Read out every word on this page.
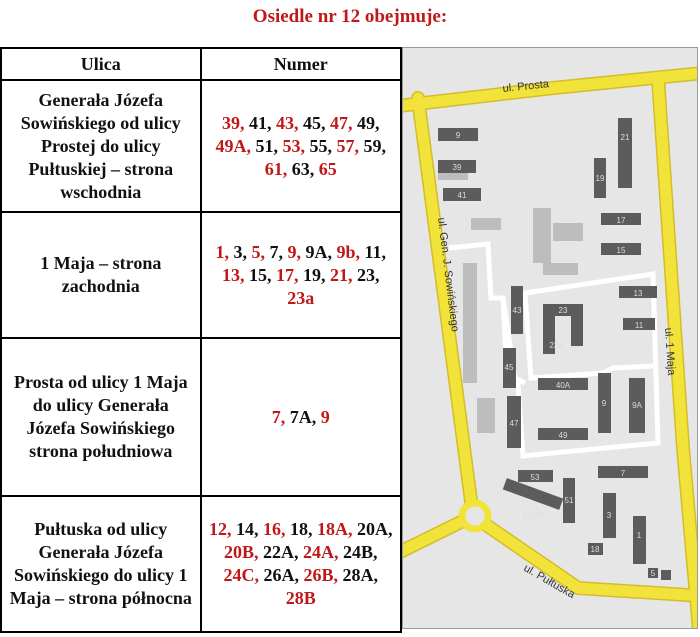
Osiedle nr 12 obejmuje:
Ulica	Numer
Generała Józefa Sowińskiego od ulicy Prostej do ulicy Pułtuskiej – strona wschodnia	39, 41, 43, 45, 47, 49, 49A, 51, 53, 55, 57, 59, 61, 63, 65
1 Maja – strona zachodnia	1, 3, 5, 7, 9, 9A, 9b, 11, 13, 15, 17, 19, 21, 23, 23a
Prosta od ulicy 1 Maja do ulicy Generała Józefa Sowińskiego strona południowa	7, 7A, 9
Pułtuska od ulicy Generała Józefa Sowińskiego do ulicy 1 Maja – strona północna	12, 14, 16, 18, 18A, 20A, 20B, 22A, 24A, 24B, 24C, 26A, 26B, 28A, 28B
9
39
41
21
19
17
15
13
11
43	23
23a
45
40A
9	9A
47
49
53	7
51
3
20-28
1
18
5
ul. Prosta
ul. Gen. J. Sowińskiego
ul. 1 Maja
ul. Pułtuska
